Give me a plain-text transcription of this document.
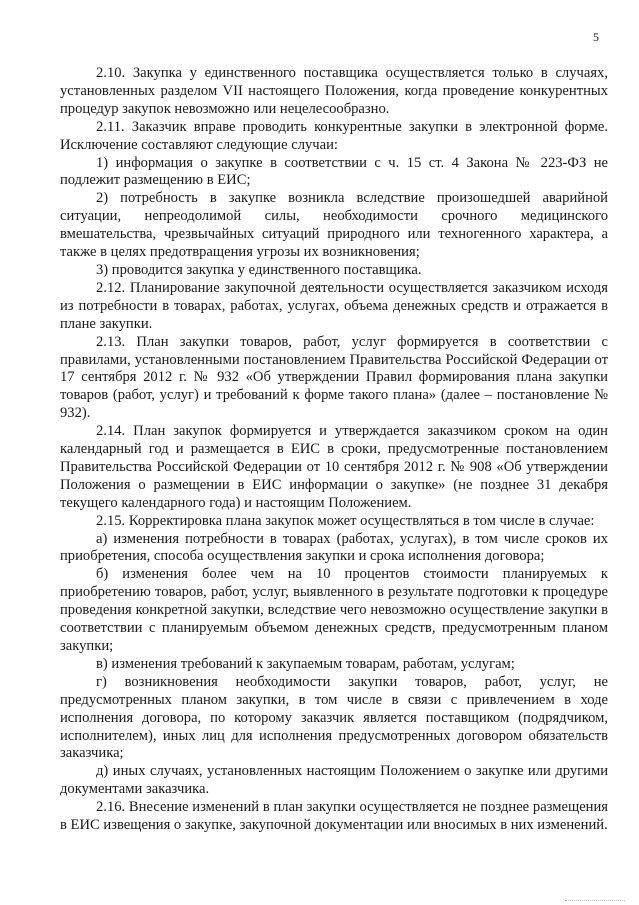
5

2.10. Закупка у единственного поставщика осуществляется только в случаях, установленных разделом VII настоящего Положения, когда проведение конкурентных процедур закупок невозможно или нецелесообразно.

2.11. Заказчик вправе проводить конкурентные закупки в электронной форме. Исключение составляют следующие случаи:

1) информация о закупке в соответствии с ч. 15 ст. 4 Закона № 223-ФЗ не подлежит размещению в ЕИС;

2) потребность в закупке возникла вследствие произошедшей аварийной ситуации, непреодолимой силы, необходимости срочного медицинского вмешательства, чрезвычайных ситуаций природного или техногенного характера, а также в целях предотвращения угрозы их возникновения;

3) проводится закупка у единственного поставщика.

2.12. Планирование закупочной деятельности осуществляется заказчиком исходя из потребности в товарах, работах, услугах, объема денежных средств и отражается в плане закупки.

2.13. План закупки товаров, работ, услуг формируется в соответствии с правилами, установленными постановлением Правительства Российской Федерации от 17 сентября 2012 г. № 932 «Об утверждении Правил формирования плана закупки товаров (работ, услуг) и требований к форме такого плана» (далее – постановление № 932).

2.14. План закупок формируется и утверждается заказчиком сроком на один календарный год и размещается в ЕИС в сроки, предусмотренные постановлением Правительства Российской Федерации от 10 сентября 2012 г. № 908 «Об утверждении Положения о размещении в ЕИС информации о закупке» (не позднее 31 декабря текущего календарного года) и настоящим Положением.

2.15. Корректировка плана закупок может осуществляться в том числе в случае:

а) изменения потребности в товарах (работах, услугах), в том числе сроков их приобретения, способа осуществления закупки и срока исполнения договора;

б) изменения более чем на 10 процентов стоимости планируемых к приобретению товаров, работ, услуг, выявленного в результате подготовки к процедуре проведения конкретной закупки, вследствие чего невозможно осуществление закупки в соответствии с планируемым объемом денежных средств, предусмотренным планом закупки;

в) изменения требований к закупаемым товарам, работам, услугам;

г) возникновения необходимости закупки товаров, работ, услуг, не предусмотренных планом закупки, в том числе в связи с привлечением в ходе исполнения договора, по которому заказчик является поставщиком (подрядчиком, исполнителем), иных лиц для исполнения предусмотренных договором обязательств заказчика;

д) иных случаях, установленных настоящим Положением о закупке или другими документами заказчика.

2.16. Внесение изменений в план закупки осуществляется не позднее размещения в ЕИС извещения о закупке, закупочной документации или вносимых в них изменений.
